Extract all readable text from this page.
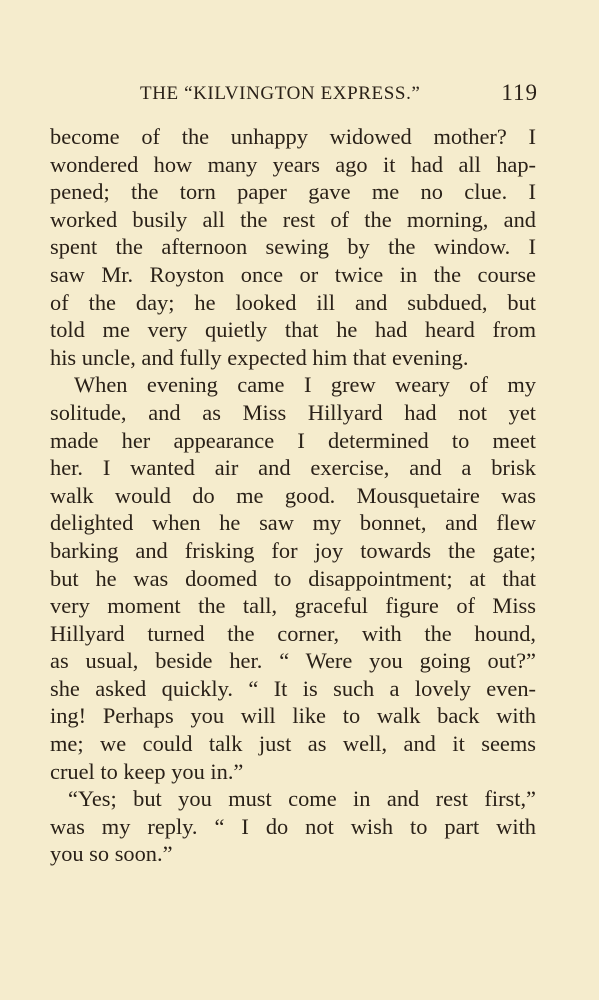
THE “KILVINGTON EXPRESS.”	119
become of the unhappy widowed mother? I
wondered how many years ago it had all hap-
pened; the torn paper gave me no clue. I
worked busily all the rest of the morning, and
spent the afternoon sewing by the window. I
saw Mr. Royston once or twice in the course
of the day; he looked ill and subdued, but
told me very quietly that he had heard from
his uncle, and fully expected him that evening.
When evening came I grew weary of my
solitude, and as Miss Hillyard had not yet
made her appearance I determined to meet
her. I wanted air and exercise, and a brisk
walk would do me good. Mousquetaire was
delighted when he saw my bonnet, and flew
barking and frisking for joy towards the gate;
but he was doomed to disappointment; at that
very moment the tall, graceful figure of Miss
Hillyard turned the corner, with the hound,
as usual, beside her. “ Were you going out?”
she asked quickly. “ It is such a lovely even-
ing! Perhaps you will like to walk back with
me; we could talk just as well, and it seems
cruel to keep you in.”
“Yes; but you must come in and rest first,”
was my reply. “ I do not wish to part with
you so soon.”
